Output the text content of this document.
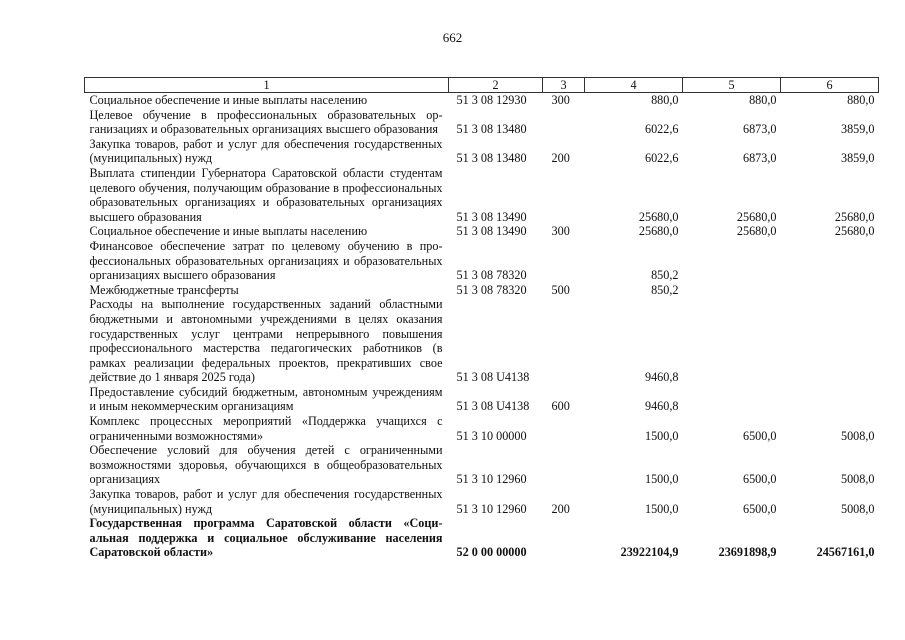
662
1	2	3	4	5	6
Социальное обеспечение и иные выплаты населению	51 3 08 12930	300	880,0	880,0	880,0
Целевое обучение в профессиональных образовательных организациях и образовательных организациях высшего образования	51 3 08 13480		6022,6	6873,0	3859,0
Закупка товаров, работ и услуг для обеспечения государственных (муниципальных) нужд	51 3 08 13480	200	6022,6	6873,0	3859,0
Выплата стипендии Губернатора Саратовской области студентам целевого обучения, получающим образование в профессиональных образовательных организациях и образовательных организациях высшего образования	51 3 08 13490		25680,0	25680,0	25680,0
Социальное обеспечение и иные выплаты населению	51 3 08 13490	300	25680,0	25680,0	25680,0
Финансовое обеспечение затрат по целевому обучению в профессиональных образовательных организациях и образовательных организациях высшего образования	51 3 08 78320		850,2		
Межбюджетные трансферты	51 3 08 78320	500	850,2		
Расходы на выполнение государственных заданий областными бюджетными и автономными учреждениями в целях оказания государственных услуг центрами непрерывного повышения профессионального мастерства педагогических работников (в рамках реализации федеральных проектов, прекративших свое действие до 1 января 2025 года)	51 3 08 U4138		9460,8		
Предоставление субсидий бюджетным, автономным учреждениям и иным некоммерческим организациям	51 3 08 U4138	600	9460,8		
Комплекс процессных мероприятий «Поддержка учащихся с ограниченными возможностями»	51 3 10 00000		1500,0	6500,0	5008,0
Обеспечение условий для обучения детей с ограниченными возможностями здоровья, обучающихся в общеобразовательных организациях	51 3 10 12960		1500,0	6500,0	5008,0
Закупка товаров, работ и услуг для обеспечения государственных (муниципальных) нужд	51 3 10 12960	200	1500,0	6500,0	5008,0
Государственная программа Саратовской области «Социальная поддержка и социальное обслуживание населения Саратовской области»	52 0 00 00000		23922104,9	23691898,9	24567161,0
